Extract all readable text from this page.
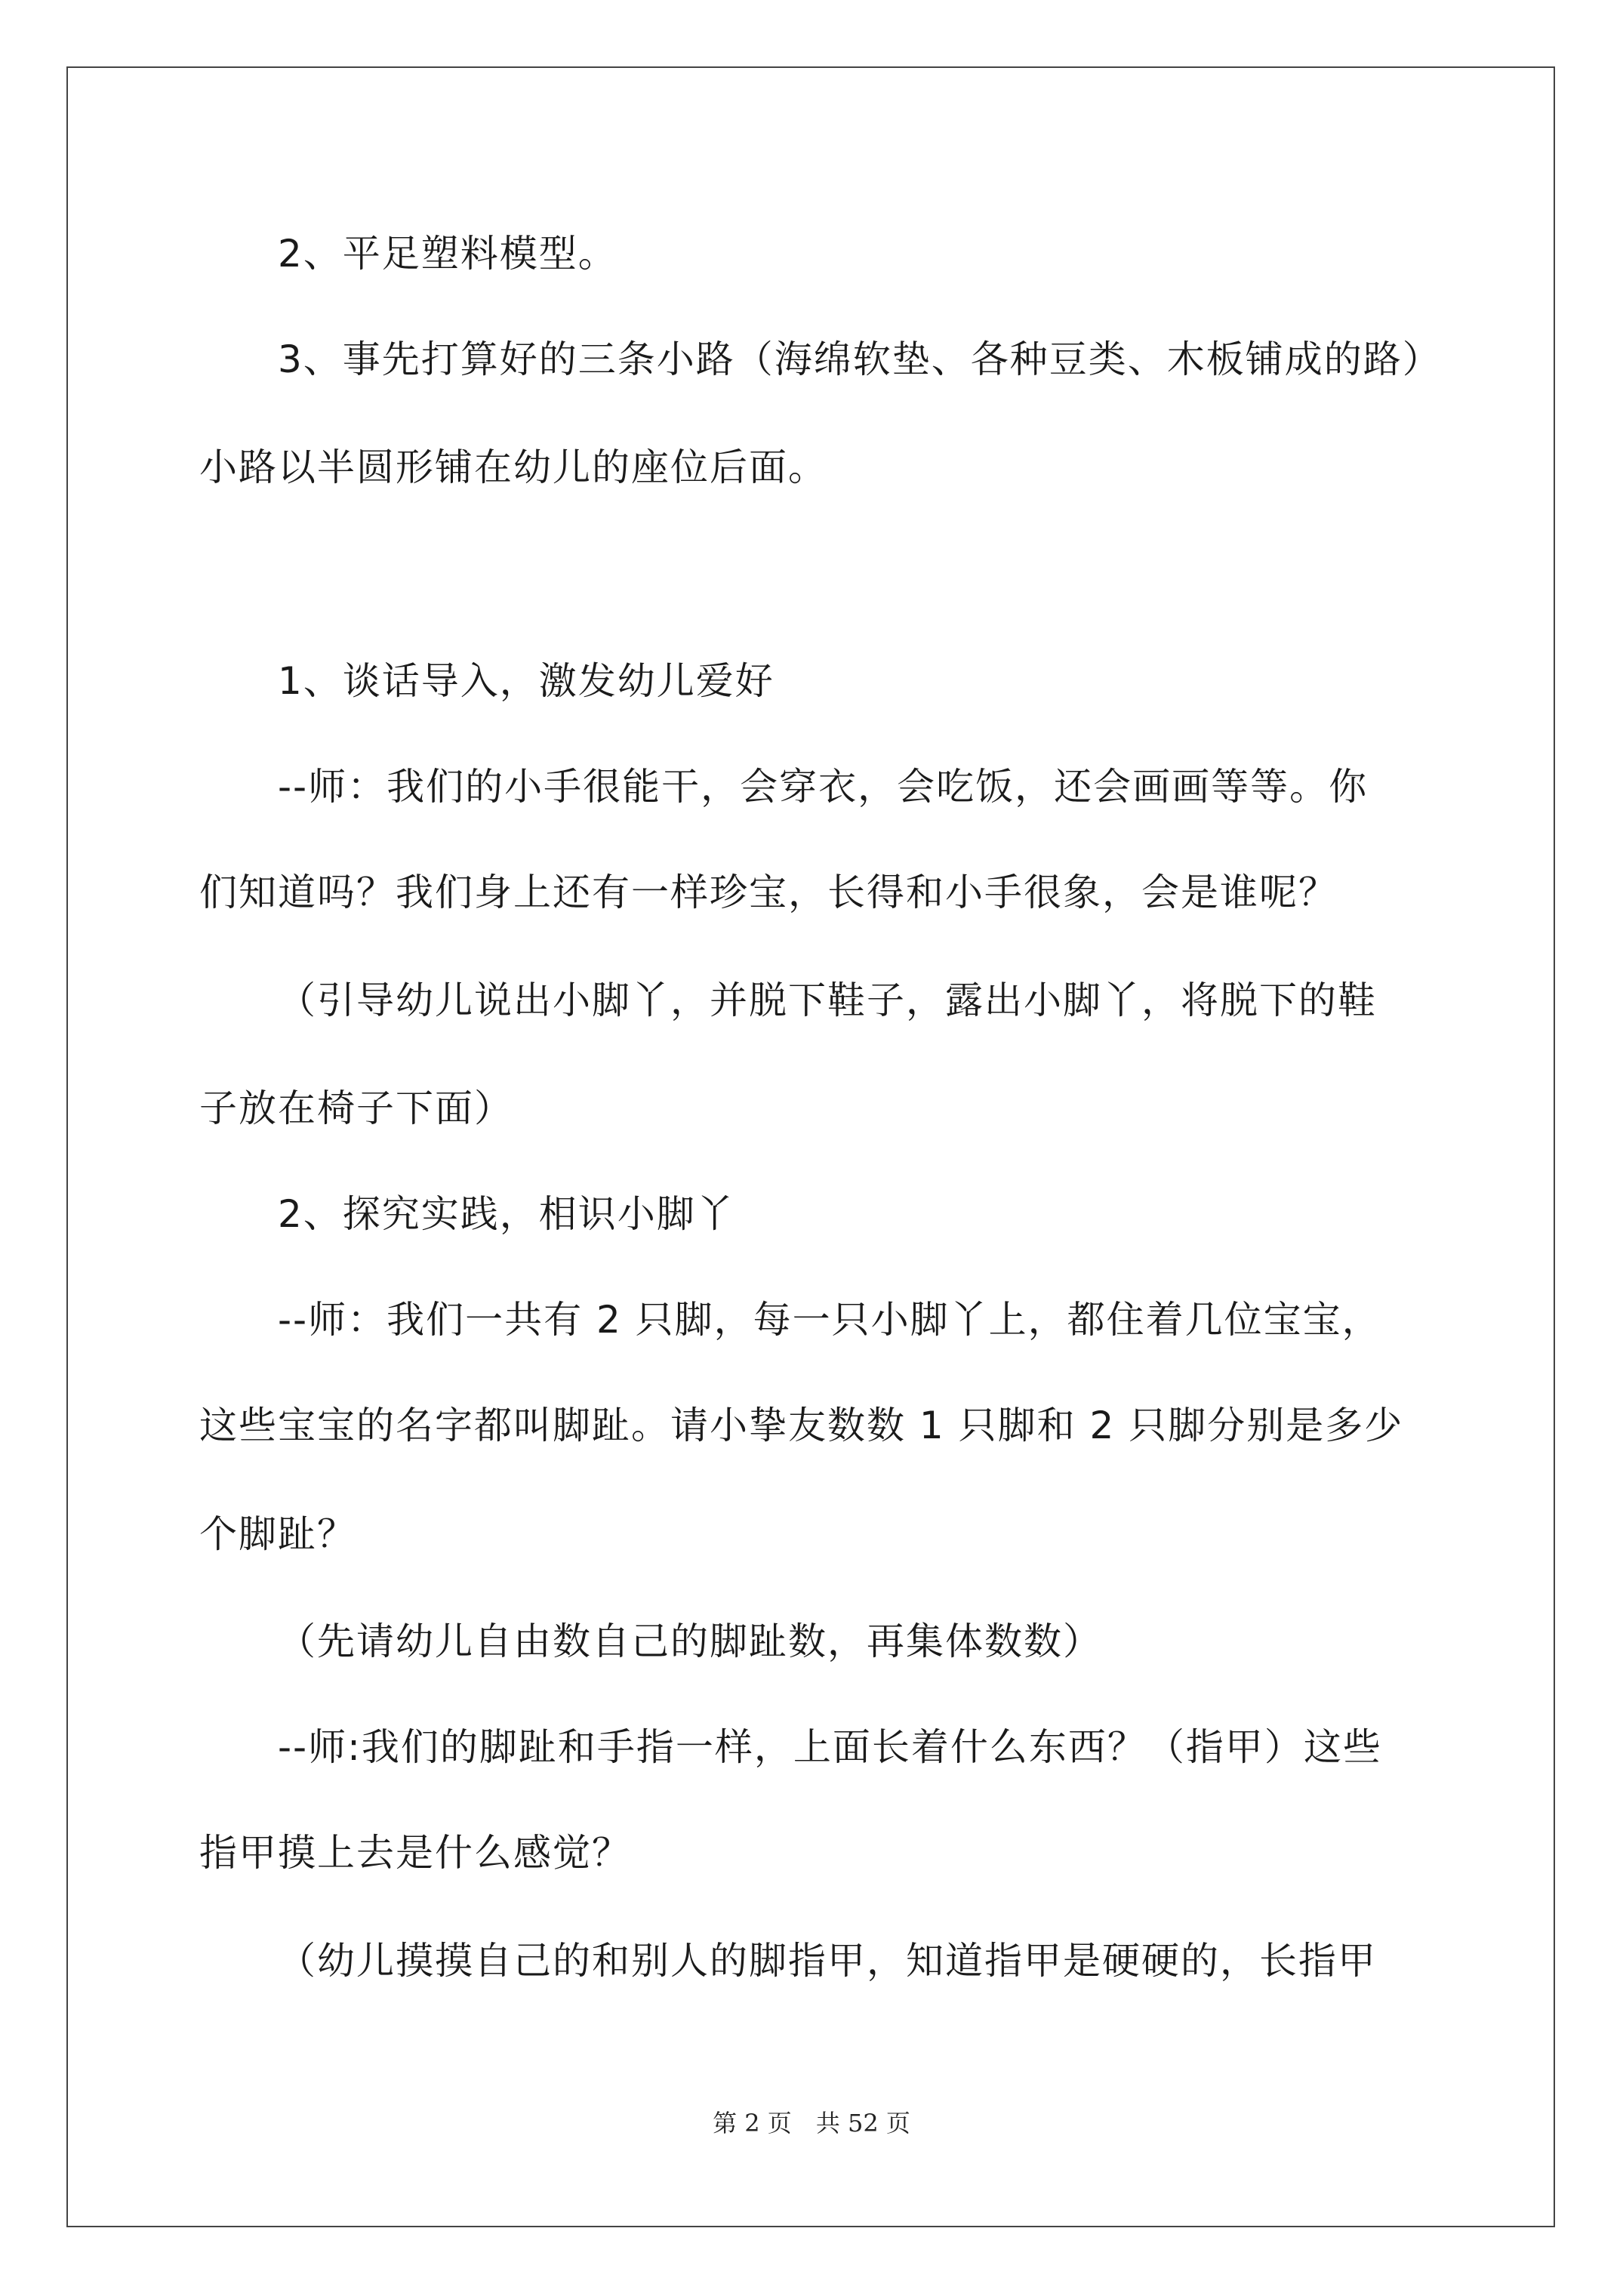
2、平足塑料模型。
3、事先打算好的三条小路（海绵软垫、各种豆类、木板铺成的路）
小路以半圆形铺在幼儿的座位后面。
1、谈话导入，激发幼儿爱好
--师：我们的小手很能干，会穿衣，会吃饭，还会画画等等。你
们知道吗？我们身上还有一样珍宝，长得和小手很象，会是谁呢？
（引导幼儿说出小脚丫，并脱下鞋子，露出小脚丫，将脱下的鞋
子放在椅子下面）
2、探究实践，相识小脚丫
--师：我们一共有 2 只脚，每一只小脚丫上，都住着几位宝宝，
这些宝宝的名字都叫脚趾。请小挚友数数 1 只脚和 2 只脚分别是多少
个脚趾？
（先请幼儿自由数自己的脚趾数，再集体数数）
--师:我们的脚趾和手指一样，上面长着什么东西？（指甲）这些
指甲摸上去是什么感觉？
（幼儿摸摸自己的和别人的脚指甲，知道指甲是硬硬的，长指甲
第 2 页 共 52 页
